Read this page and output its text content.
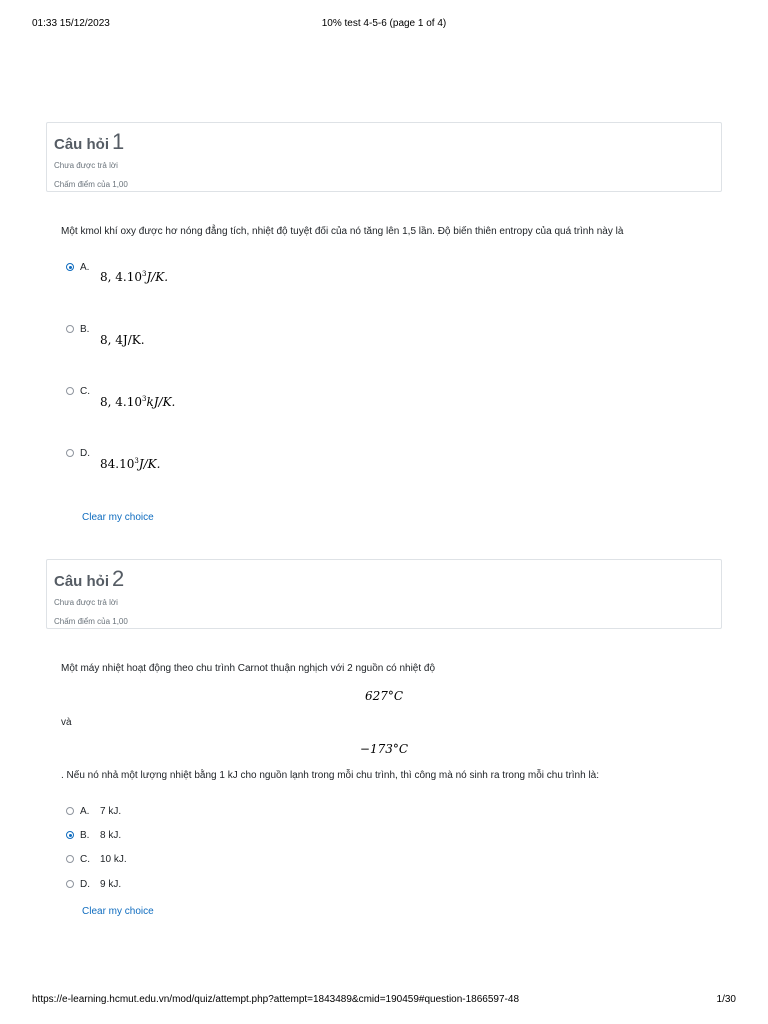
01:33 15/12/2023	10% test 4-5-6 (page 1 of 4)
Câu hỏi 1
Chưa được trả lời
Chấm điểm của 1,00
Một kmol khí oxy được hơ nóng đẳng tích, nhiệt độ tuyệt đối của nó tăng lên 1,5 lần. Độ biến thiên entropy của quá trình này là
A.
8, 4.10$^3$J/K.
B.
8, 4J/K.
C.
8, 4.10$^3$kJ/K.
D.
84.10$^3$J/K.
Clear my choice
Câu hỏi 2
Chưa được trả lời
Chấm điểm của 1,00
Một máy nhiệt hoạt động theo chu trình Carnot thuận nghịch với 2 nguồn có nhiệt độ
627°C
và
−173°C
. Nếu nó nhả một lượng nhiệt bằng 1 kJ cho nguồn lạnh trong mỗi chu trình, thì công mà nó sinh ra trong mỗi chu trình là:
A.	7 kJ.
B.	8 kJ.
C.	10 kJ.
D.	9 kJ.
Clear my choice
https://e-learning.hcmut.edu.vn/mod/quiz/attempt.php?attempt=1843489&cmid=190459#question-1866597-48	1/30
